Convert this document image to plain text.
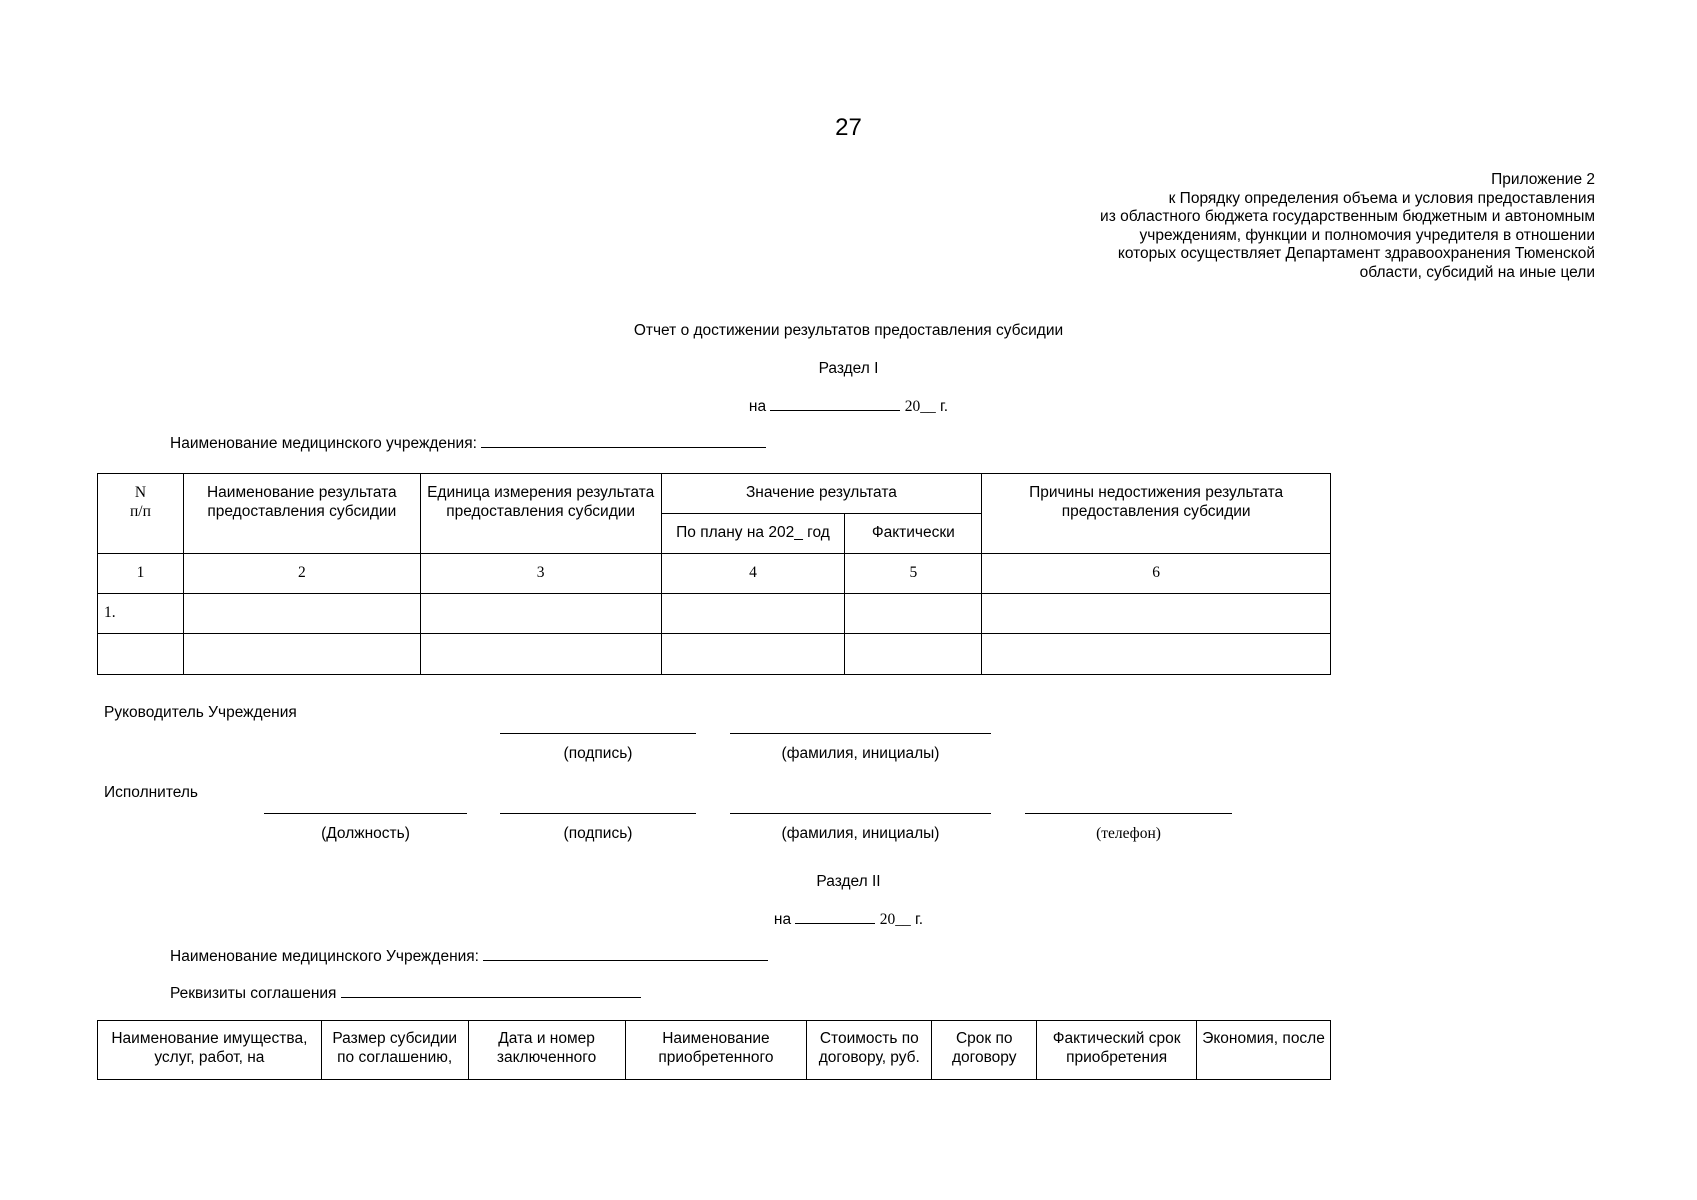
27
Приложение 2
к Порядку определения объема и условия предоставления
из областного бюджета государственным бюджетным и автономным
учреждениям, функции и полномочия учредителя в отношении
которых осуществляет Департамент здравоохранения Тюменской
области, субсидий на иные цели
Отчет о достижении результатов предоставления субсидии
Раздел I
на	20__ г.
Наименование медицинского учреждения:
N
п/п	Наименование результата предоставления субсидии	Единица измерения результата предоставления субсидии	Значение результата		Причины недостижения результата предоставления субсидии
			По плану на 202_ год	Фактически	
1	2	3	4	5	6
1.					

Руководитель Учреждения
(подпись)	(фамилия, инициалы)
Исполнитель
(Должность)	(подпись)	(фамилия, инициалы)	(телефон)
Раздел II
на	20__ г.
Наименование медицинского Учреждения:
Реквизиты соглашения
Наименование имущества, услуг, работ, на	Размер субсидии по соглашению,	Дата и номер заключенного	Наименование приобретенного	Стоимость по договору, руб.	Срок по договору	Фактический срок приобретения	Экономия, после
